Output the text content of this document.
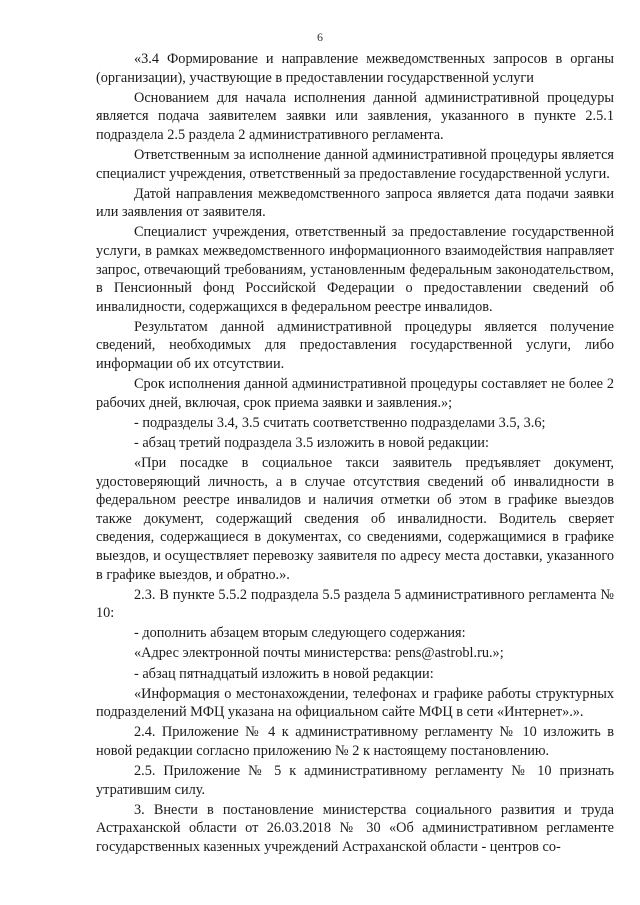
6

«3.4 Формирование и направление межведомственных запросов в органы (организации), участвующие в предоставлении государственной услуги

Основанием для начала исполнения данной административной процедуры является подача заявителем заявки или заявления, указанного в пункте 2.5.1 подраздела 2.5 раздела 2 административного регламента.

Ответственным за исполнение данной административной процедуры является специалист учреждения, ответственный за предоставление государственной услуги.

Датой направления межведомственного запроса является дата подачи заявки или заявления от заявителя.

Специалист учреждения, ответственный за предоставление государственной услуги, в рамках межведомственного информационного взаимодействия направляет запрос, отвечающий требованиям, установленным федеральным законодательством, в Пенсионный фонд Российской Федерации о предоставлении сведений об инвалидности, содержащихся в федеральном реестре инвалидов.

Результатом данной административной процедуры является получение сведений, необходимых для предоставления государственной услуги, либо информации об их отсутствии.

Срок исполнения данной административной процедуры составляет не более 2 рабочих дней, включая, срок приема заявки и заявления.»;

- подразделы 3.4, 3.5 считать соответственно подразделами 3.5, 3.6;

- абзац третий подраздела 3.5 изложить в новой редакции:

«При посадке в социальное такси заявитель предъявляет документ, удостоверяющий личность, а в случае отсутствия сведений об инвалидности в федеральном реестре инвалидов и наличия отметки об этом в графике выездов также документ, содержащий сведения об инвалидности. Водитель сверяет сведения, содержащиеся в документах, со сведениями, содержащимися в графике выездов, и осуществляет перевозку заявителя по адресу места доставки, указанного в графике выездов, и обратно.».

2.3. В пункте 5.5.2 подраздела 5.5 раздела 5 административного регламента № 10:

- дополнить абзацем вторым следующего содержания:

«Адрес электронной почты министерства: pens@astrobl.ru.»;

- абзац пятнадцатый изложить в новой редакции:

«Информация о местонахождении, телефонах и графике работы структурных подразделений МФЦ указана на официальном сайте МФЦ в сети «Интернет».».

2.4. Приложение № 4 к административному регламенту № 10 изложить в новой редакции согласно приложению № 2 к настоящему постановлению.

2.5. Приложение № 5 к административному регламенту № 10 признать утратившим силу.

3. Внести в постановление министерства социального развития и труда Астраханской области от 26.03.2018 № 30 «Об административном регламенте государственных казенных учреждений Астраханской области - центров со-
